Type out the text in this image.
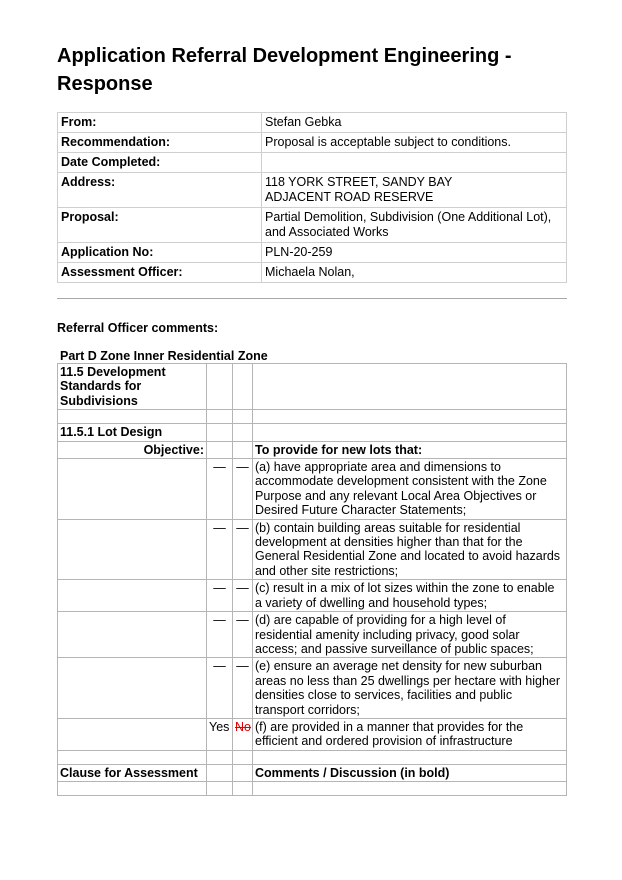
Application Referral Development Engineering - Response
From:	Stefan Gebka
Recommendation:	Proposal is acceptable subject to conditions.
Date Completed:	
Address:	118 YORK STREET, SANDY BAY
ADJACENT ROAD RESERVE

Proposal:	Partial Demolition, Subdivision (One Additional Lot), and Associated Works
Application No:	PLN-20-259
Assessment Officer:	Michaela Nolan,
Referral Officer comments:
Part D Zone Inner Residential Zone
11.5 Development Standards for Subdivisions			

11.5.1 Lot Design			
Objective:			To provide for new lots that:
	—	—	(a) have appropriate area and dimensions to accommodate development consistent with the Zone Purpose and any relevant Local Area Objectives or Desired Future Character Statements;
	—	—	(b) contain building areas suitable for residential development at densities higher than that for the General Residential Zone and located to avoid hazards and other site restrictions;
	—	—	(c) result in a mix of lot sizes within the zone to enable a variety of dwelling and household types;
	—	—	(d) are capable of providing for a high level of residential amenity including privacy, good solar access; and passive surveillance of public spaces;
	—	—	(e) ensure an average net density for new suburban areas no less than 25 dwellings per hectare with higher densities close to services, facilities and public transport corridors;
	Yes	No	(f) are provided in a manner that provides for the efficient and ordered provision of infrastructure

Clause for Assessment			Comments / Discussion (in bold)
